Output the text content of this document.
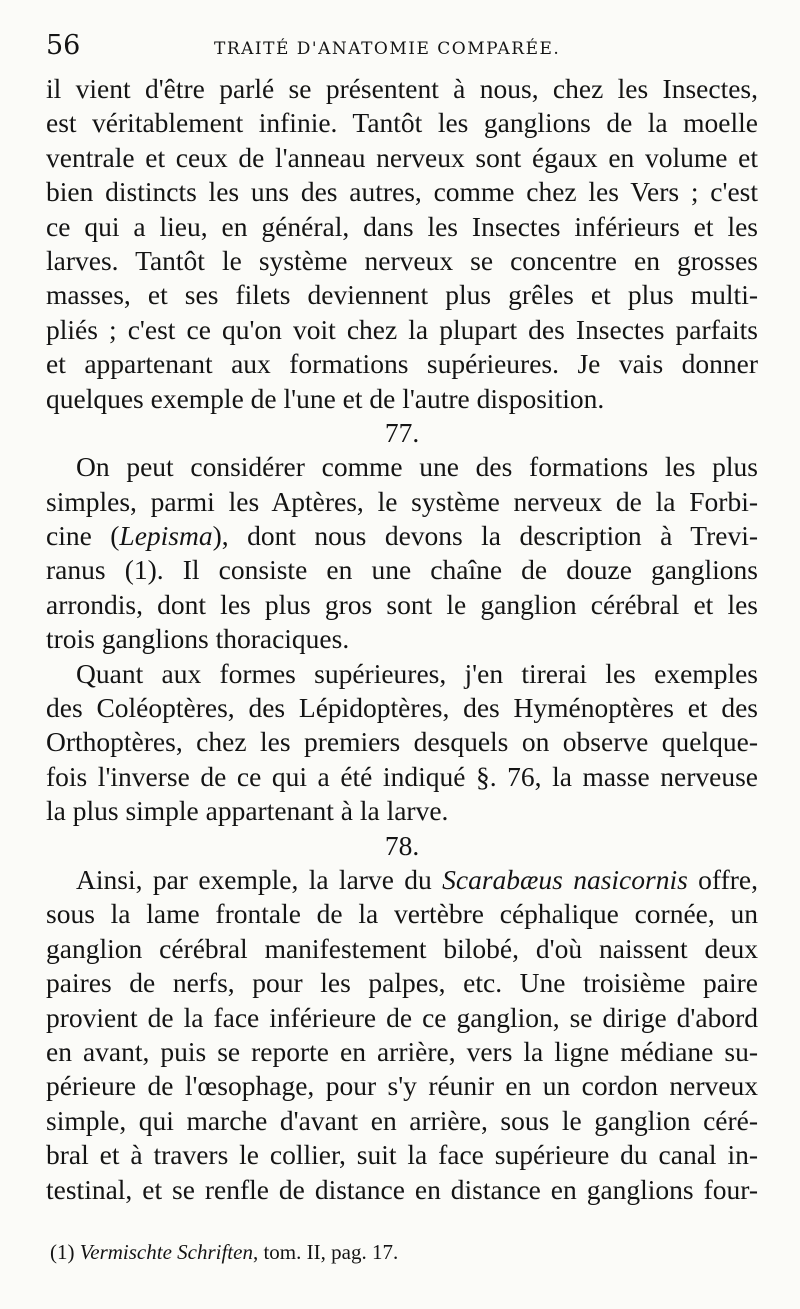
56	TRAITÉ D'ANATOMIE COMPARÉE.
il vient d'être parlé se présentent à nous, chez les Insectes,
est véritablement infinie. Tantôt les ganglions de la moelle
ventrale et ceux de l'anneau nerveux sont égaux en volume et
bien distincts les uns des autres, comme chez les Vers ; c'est
ce qui a lieu, en général, dans les Insectes inférieurs et les
larves. Tantôt le système nerveux se concentre en grosses
masses, et ses filets deviennent plus grêles et plus multi-
pliés ; c'est ce qu'on voit chez la plupart des Insectes parfaits
et appartenant aux formations supérieures. Je vais donner
quelques exemple de l'une et de l'autre disposition.
77.
On peut considérer comme une des formations les plus
simples, parmi les Aptères, le système nerveux de la Forbi-
cine (Lepisma), dont nous devons la description à Trevi-
ranus (1). Il consiste en une chaîne de douze ganglions
arrondis, dont les plus gros sont le ganglion cérébral et les
trois ganglions thoraciques.
Quant aux formes supérieures, j'en tirerai les exemples
des Coléoptères, des Lépidoptères, des Hyménoptères et des
Orthoptères, chez les premiers desquels on observe quelque-
fois l'inverse de ce qui a été indiqué §. 76, la masse nerveuse
la plus simple appartenant à la larve.
78.
Ainsi, par exemple, la larve du Scarabæus nasicornis offre,
sous la lame frontale de la vertèbre céphalique cornée, un
ganglion cérébral manifestement bilobé, d'où naissent deux
paires de nerfs, pour les palpes, etc. Une troisième paire
provient de la face inférieure de ce ganglion, se dirige d'abord
en avant, puis se reporte en arrière, vers la ligne médiane su-
périeure de l'œsophage, pour s'y réunir en un cordon nerveux
simple, qui marche d'avant en arrière, sous le ganglion céré-
bral et à travers le collier, suit la face supérieure du canal in-
testinal, et se renfle de distance en distance en ganglions four-
(1) Vermischte Schriften, tom. II, pag. 17.
